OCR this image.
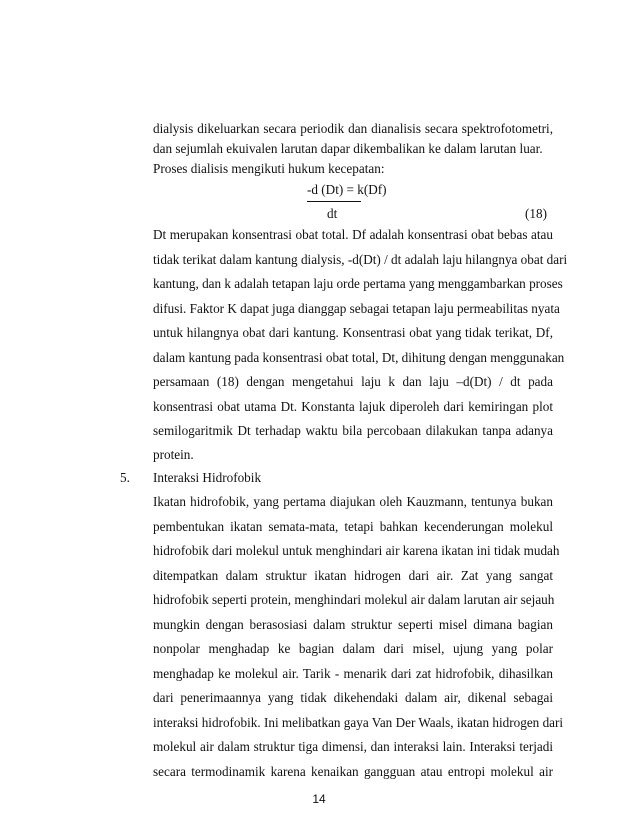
dialysis dikeluarkan secara periodik dan dianalisis secara spektrofotometri,
dan sejumlah ekuivalen larutan dapar dikembalikan ke dalam larutan luar.
Proses dialisis mengikuti hukum kecepatan:
-d (Dt) = k(Df)
dt	(18)
Dt merupakan konsentrasi obat total. Df adalah konsentrasi obat bebas atau
tidak terikat dalam kantung dialysis, -d(Dt) / dt adalah laju hilangnya obat dari
kantung, dan k adalah tetapan laju orde pertama yang menggambarkan proses
difusi. Faktor K dapat juga dianggap sebagai tetapan laju permeabilitas nyata
untuk hilangnya obat dari kantung. Konsentrasi obat yang tidak terikat, Df,
dalam kantung pada konsentrasi obat total, Dt, dihitung dengan menggunakan
persamaan (18) dengan mengetahui laju k dan laju –d(Dt) / dt pada
konsentrasi obat utama Dt. Konstanta lajuk diperoleh dari kemiringan plot
semilogaritmik Dt terhadap waktu bila percobaan dilakukan tanpa adanya
protein.
5. Interaksi Hidrofobik
Ikatan hidrofobik, yang pertama diajukan oleh Kauzmann, tentunya bukan
pembentukan ikatan semata-mata, tetapi bahkan kecenderungan molekul
hidrofobik dari molekul untuk menghindari air karena ikatan ini tidak mudah
ditempatkan dalam struktur ikatan hidrogen dari air. Zat yang sangat
hidrofobik seperti protein, menghindari molekul air dalam larutan air sejauh
mungkin dengan berasosiasi dalam struktur seperti misel dimana bagian
nonpolar menghadap ke bagian dalam dari misel, ujung yang polar
menghadap ke molekul air. Tarik - menarik dari zat hidrofobik, dihasilkan
dari penerimaannya yang tidak dikehendaki dalam air, dikenal sebagai
interaksi hidrofobik. Ini melibatkan gaya Van Der Waals, ikatan hidrogen dari
molekul air dalam struktur tiga dimensi, dan interaksi lain. Interaksi terjadi
secara termodinamik karena kenaikan gangguan atau entropi molekul air
14
